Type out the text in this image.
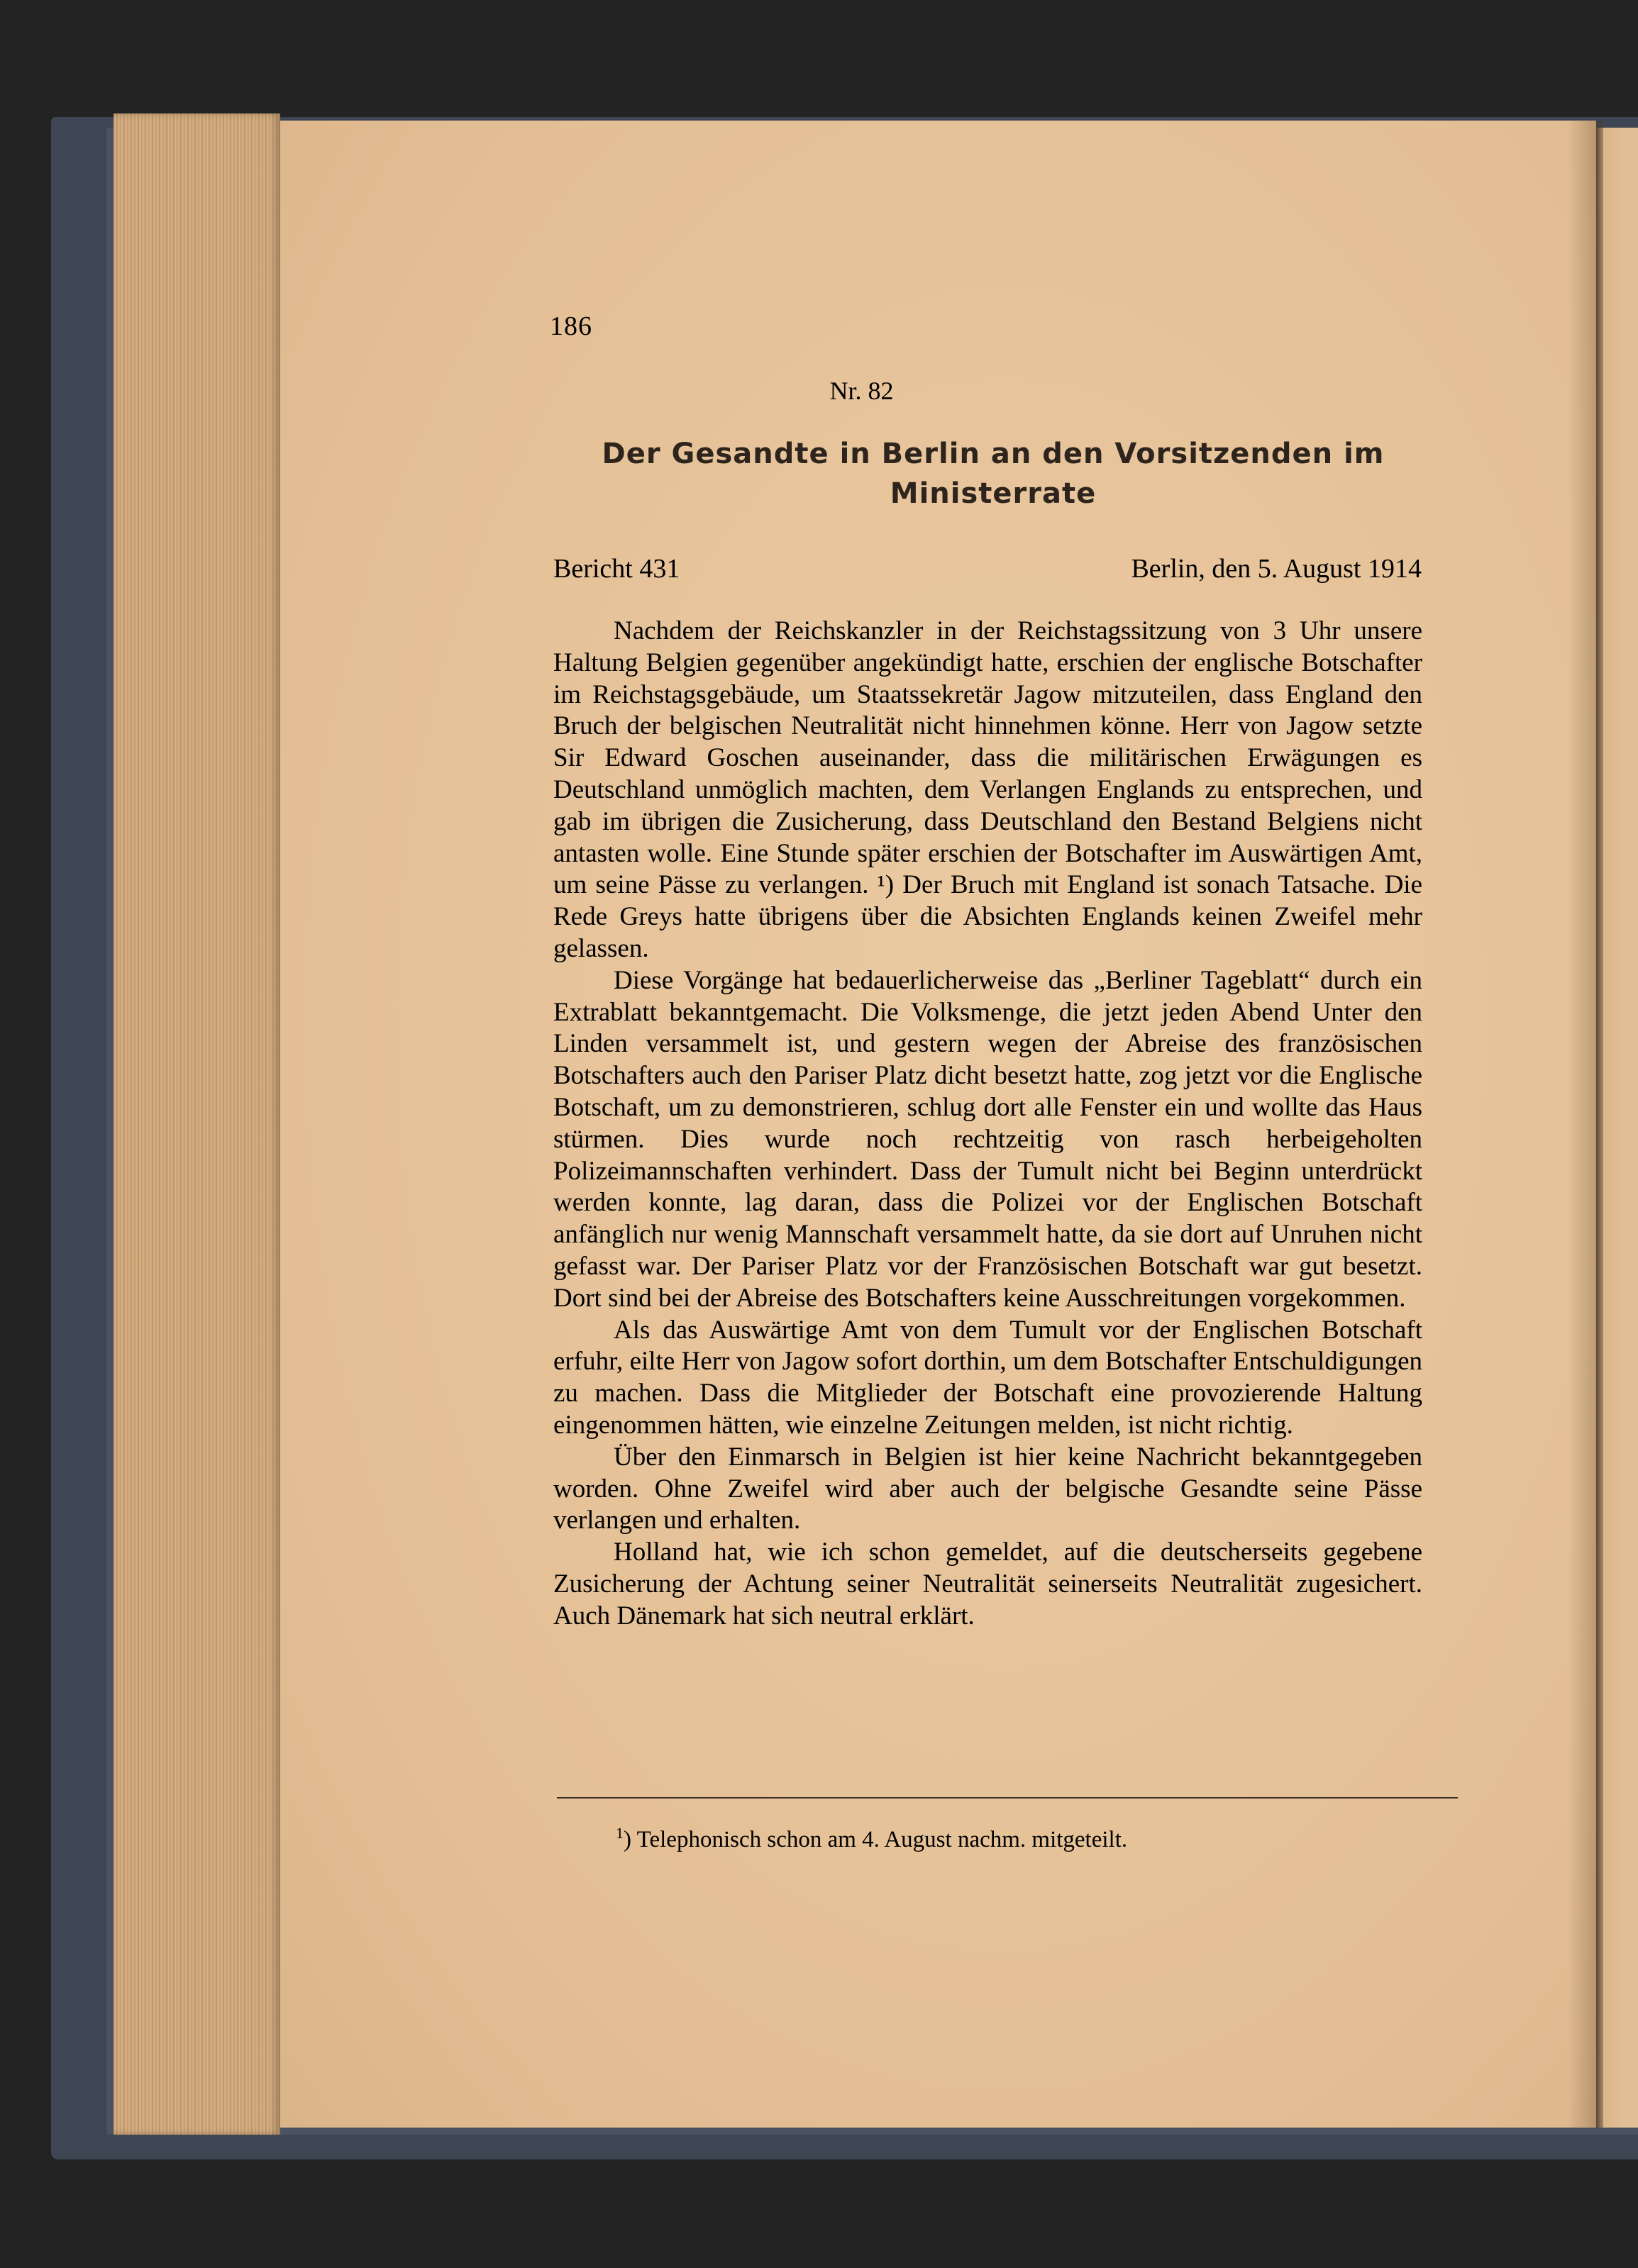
186
Nr. 82
Der Gesandte in Berlin an den Vorsitzenden im Ministerrate
Bericht 431	Berlin, den 5. August 1914

Nachdem der Reichskanzler in der Reichstagssitzung von 3 Uhr unsere Haltung Belgien gegenüber angekündigt hatte, erschien der englische Botschafter im Reichstagsgebäude, um Staatssekretär Jagow mitzuteilen, dass England den Bruch der belgischen Neutralität nicht hinnehmen könne. Herr von Jagow setzte Sir Edward Goschen auseinander, dass die militärischen Erwägungen es Deutschland unmöglich machten, dem Verlangen Englands zu entsprechen, und gab im übrigen die Zusicherung, dass Deutschland den Bestand Belgiens nicht antasten wolle. Eine Stunde später erschien der Botschafter im Auswärtigen Amt, um seine Pässe zu verlangen. ¹) Der Bruch mit England ist sonach Tatsache. Die Rede Greys hatte übrigens über die Absichten Englands keinen Zweifel mehr gelassen.

Diese Vorgänge hat bedauerlicherweise das „Berliner Tageblatt“ durch ein Extrablatt bekanntgemacht. Die Volksmenge, die jetzt jeden Abend Unter den Linden versammelt ist, und gestern wegen der Abreise des französischen Botschafters auch den Pariser Platz dicht besetzt hatte, zog jetzt vor die Englische Botschaft, um zu demonstrieren, schlug dort alle Fenster ein und wollte das Haus stürmen. Dies wurde noch rechtzeitig von rasch herbeigeholten Polizeimannschaften verhindert. Dass der Tumult nicht bei Beginn unterdrückt werden konnte, lag daran, dass die Polizei vor der Englischen Botschaft anfänglich nur wenig Mannschaft versammelt hatte, da sie dort auf Unruhen nicht gefasst war. Der Pariser Platz vor der Französischen Botschaft war gut besetzt. Dort sind bei der Abreise des Botschafters keine Ausschreitungen vorgekommen.

Als das Auswärtige Amt von dem Tumult vor der Englischen Botschaft erfuhr, eilte Herr von Jagow sofort dorthin, um dem Botschafter Entschuldigungen zu machen. Dass die Mitglieder der Botschaft eine provozierende Haltung eingenommen hätten, wie einzelne Zeitungen melden, ist nicht richtig.

Über den Einmarsch in Belgien ist hier keine Nachricht bekanntgegeben worden. Ohne Zweifel wird aber auch der belgische Gesandte seine Pässe verlangen und erhalten.

Holland hat, wie ich schon gemeldet, auf die deutscherseits gegebene Zusicherung der Achtung seiner Neutralität seinerseits Neutralität zugesichert. Auch Dänemark hat sich neutral erklärt.

$^1$) Telephonisch schon am 4. August nachm. mitgeteilt.
